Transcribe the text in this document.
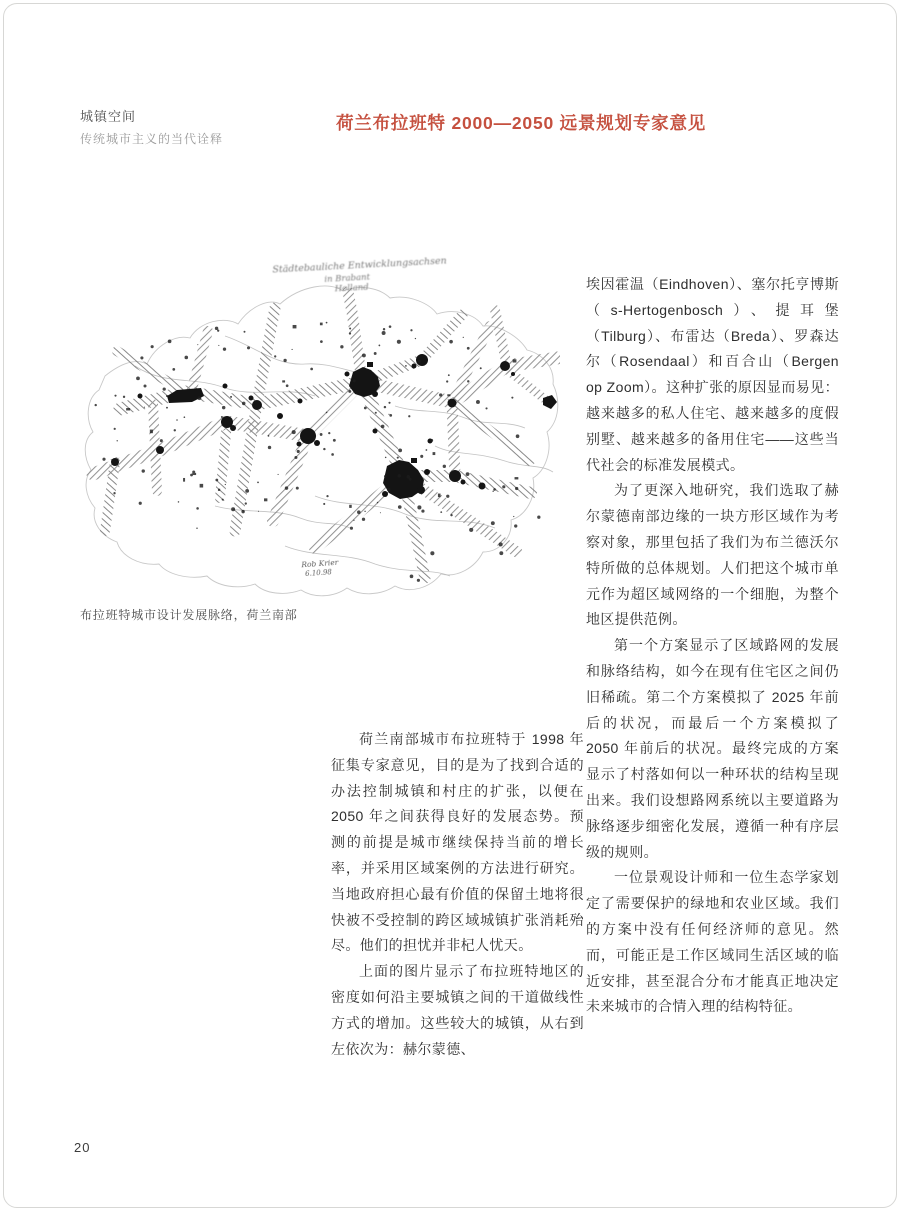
城镇空间
传统城市主义的当代诠释
荷兰布拉班特 2000—2050 远景规划专家意见
Städtebauliche Entwicklungsachsen
in Brabant
Holland
Rob Krier
6.10.98
布拉班特城市设计发展脉络，荷兰南部

荷兰南部城市布拉班特于 1998 年征集专家意见，目的是为了找到合适的办法控制城镇和村庄的扩张，以便在 2050 年之间获得良好的发展态势。预测的前提是城市继续保持当前的增长率，并采用区域案例的方法进行研究。当地政府担心最有价值的保留土地将很快被不受控制的跨区域城镇扩张消耗殆尽。他们的担忧并非杞人忧天。

上面的图片显示了布拉班特地区的密度如何沿主要城镇之间的干道做线性方式的增加。这些较大的城镇，从右到左依次为：赫尔蒙德、

埃因霍温（Eindhoven）、塞尔托亨博斯（s-Hertogenbosch）、提耳堡（Tilburg）、布雷达（Breda）、罗森达尔（Rosendaal）和百合山（Bergen op Zoom）。这种扩张的原因显而易见：越来越多的私人住宅、越来越多的度假别墅、越来越多的备用住宅——这些当代社会的标准发展模式。

为了更深入地研究，我们选取了赫尔蒙德南部边缘的一块方形区域作为考察对象，那里包括了我们为布兰德沃尔特所做的总体规划。人们把这个城市单元作为超区域网络的一个细胞，为整个地区提供范例。

第一个方案显示了区域路网的发展和脉络结构，如今在现有住宅区之间仍旧稀疏。第二个方案模拟了 2025 年前后的状况，而最后一个方案模拟了 2050 年前后的状况。最终完成的方案显示了村落如何以一种环状的结构呈现出来。我们设想路网系统以主要道路为脉络逐步细密化发展，遵循一种有序层级的规则。

一位景观设计师和一位生态学家划定了需要保护的绿地和农业区域。我们的方案中没有任何经济师的意见。然而，可能正是工作区域同生活区域的临近安排，甚至混合分布才能真正地决定未来城市的合情入理的结构特征。

20
